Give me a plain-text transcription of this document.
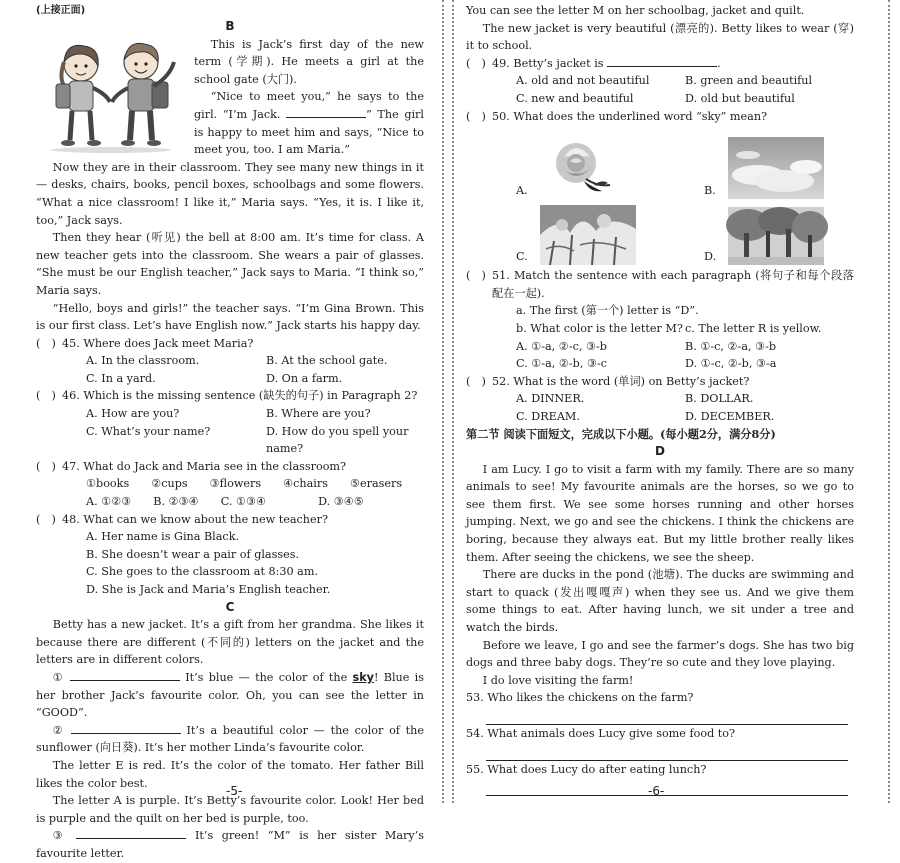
(上接正面)
B

This is Jack’s first day of the new term (学期). He meets a girl at the school gate (大门).

“Nice to meet you,” he says to the girl. “I’m Jack.	” The girl is happy to meet him and says, “Nice to meet you, too. I am Maria.”

Now they are in their classroom. They see many new things in it — desks, chairs, books, pencil boxes, schoolbags and some flowers. “What a nice classroom! I like it,” Maria says. “Yes, it is. I like it, too,” Jack says.

Then they hear (听见) the bell at 8:00 am. It’s time for class. A new teacher gets into the classroom. She wears a pair of glasses. “She must be our English teacher,” Jack says to Maria. “I think so,” Maria says.

“Hello, boys and girls!” the teacher says. “I’m Gina Brown. This is our first class. Let’s have English now.” Jack starts his happy day.

(　) 45. Where does Jack meet Maria?
A. In the classroom.	B. At the school gate.
C. In a yard.	D. On a farm.
(　) 46. Which is the missing sentence (缺失的句子) in Paragraph 2?
A. How are you?	B. Where are you?
C. What’s your name?	D. How do you spell your name?
(　) 47. What do Jack and Maria see in the classroom?
①books ②cups ③flowers ④chairs ⑤erasers
A. ①②③ B. ②③④ C. ①③④	D. ③④⑤
(　) 48. What can we know about the new teacher?
A. Her name is Gina Black.
B. She doesn’t wear a pair of glasses.
C. She goes to the classroom at 8:30 am.
D. She is Jack and Maria’s English teacher.
C

Betty has a new jacket. It’s a gift from her grandma. She likes it because there are different (不同的) letters on the jacket and the letters are in different colors.

①	It’s blue — the color of the sky! Blue is her brother Jack’s favourite color. Oh, you can see the letter in “GOOD”.

②	It’s a beautiful color — the color of the sunflower (向日葵). It’s her mother Linda’s favourite color.

The letter E is red. It’s the color of the tomato. Her father Bill likes the color best.

The letter A is purple. It’s Betty’s favourite color. Look! Her bed is purple and the quilt on her bed is purple, too.

③	It’s green! “M” is her sister Mary’s favourite letter.

-5-

You can see the letter M on her schoolbag, jacket and quilt.

The new jacket is very beautiful (漂亮的). Betty likes to wear (穿) it to school.

(　) 49. Betty’s jacket is
	.
A. old and not beautiful	B. green and beautiful
C. new and beautiful	D. old but beautiful
(　) 50. What does the underlined word “sky” mean?
A.	B.
C.	D.
(　) 51. Match the sentence with each paragraph (将句子和每个段落配在一起).
a. The first (第一个) letter is “D”.
b. What color is the letter M? c. The letter R is yellow.
A. ①-a, ②-c, ③-b	B. ①-c, ②-a, ③-b
C. ①-a, ②-b, ③-c	D. ①-c, ②-b, ③-a
(　) 52. What is the word (单词) on Betty’s jacket?
A. DINNER.	B. DOLLAR.
C. DREAM.	D. DECEMBER.
第二节 阅读下面短文，完成以下小题。(每小题2分，满分8分)
D

I am Lucy. I go to visit a farm with my family. There are so many animals to see! My favourite animals are the horses, so we go to see them first. We see some horses running and other horses jumping. Next, we go and see the chickens. I think the chickens are boring, because they always eat. But my little brother really likes them. After seeing the chickens, we see the sheep.

There are ducks in the pond (池塘). The ducks are swimming and start to quack (发出嘎嘎声) when they see us. And we give them some things to eat. After having lunch, we sit under a tree and watch the birds.

Before we leave, I go and see the farmer’s dogs. She has two big dogs and three baby dogs. They’re so cute and they love playing.

I do love visiting the farm!

53. Who likes the chickens on the farm?
54. What animals does Lucy give some food to?
55. What does Lucy do after eating lunch?
-6-
